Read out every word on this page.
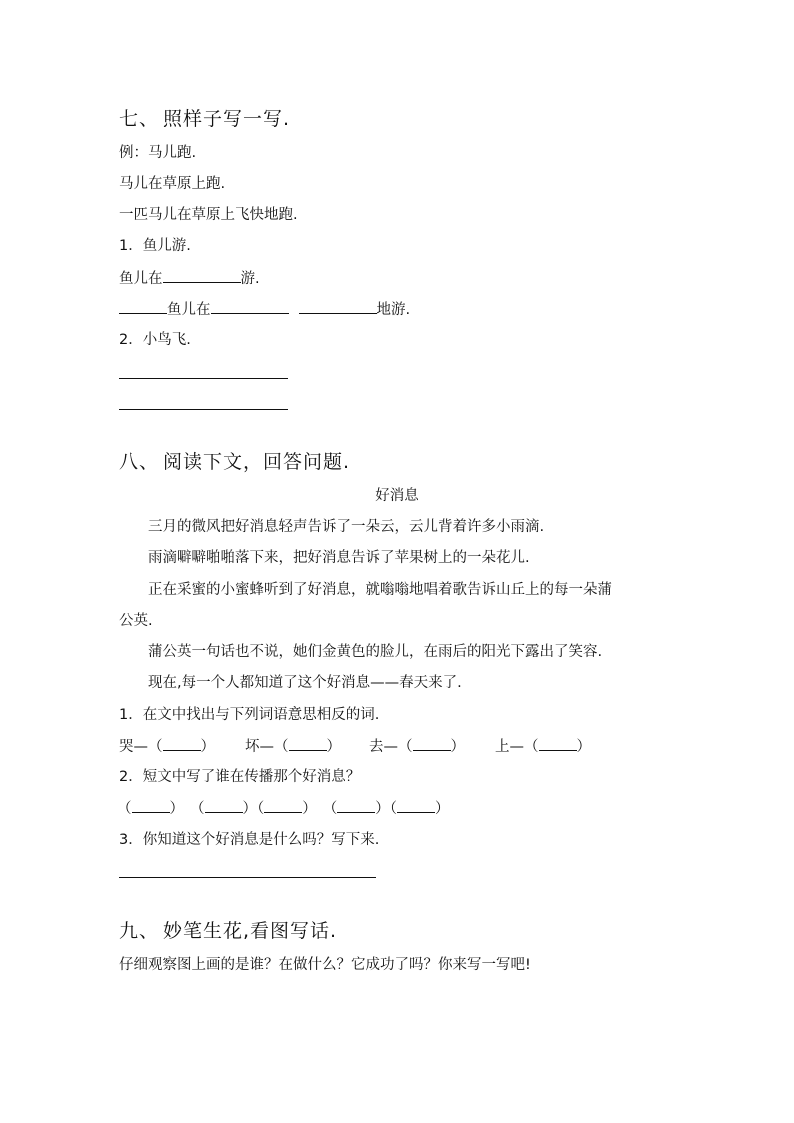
七、 照样子写一写.
例：马儿跑.
马儿在草原上跑.
一匹马儿在草原上飞快地跑.
1．鱼儿游.
鱼儿在	游.
鱼儿在	地游.
2．小鸟飞.
八、 阅读下文，回答问题.
好消息
三月的微风把好消息轻声告诉了一朵云，云儿背着许多小雨滴.
雨滴噼噼啪啪落下来，把好消息告诉了苹果树上的一朵花儿.
正在采蜜的小蜜蜂听到了好消息，就嗡嗡地唱着歌告诉山丘上的每一朵蒲
公英.
蒲公英一句话也不说，她们金黄色的脸儿，在雨后的阳光下露出了笑容.
现在,每一个人都知道了这个好消息——春天来了.
1．在文中找出与下列词语意思相反的词.
哭—（	） 坏—（	） 去—（	） 上—（	）
2．短文中写了谁在传播那个好消息？
（	） （	）（	） （	）（	）
3．你知道这个好消息是什么吗？写下来.
九、 妙笔生花,看图写话.
仔细观察图上画的是谁？在做什么？它成功了吗？你来写一写吧!
